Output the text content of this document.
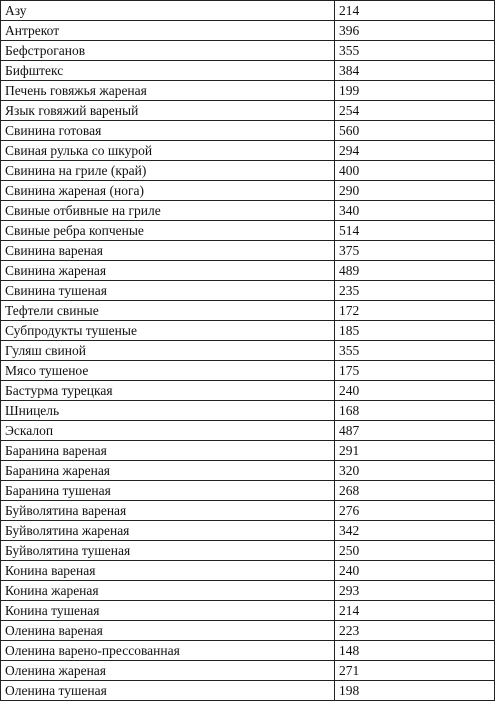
Азу	214
Антрекот	396
Бефстроганов	355
Бифштекс	384
Печень говяжья жареная	199
Язык говяжий вареный	254
Свинина готовая	560
Свиная рулька со шкурой	294
Свинина на гриле (край)	400
Свинина жареная (нога)	290
Свиные отбивные на гриле	340
Свиные ребра копченые	514
Свинина вареная	375
Свинина жареная	489
Свинина тушеная	235
Тефтели свиные	172
Субпродукты тушеные	185
Гуляш свиной	355
Мясо тушеное	175
Бастурма турецкая	240
Шницель	168
Эскалоп	487
Баранина вареная	291
Баранина жареная	320
Баранина тушеная	268
Буйволятина вареная	276
Буйволятина жареная	342
Буйволятина тушеная	250
Конина вареная	240
Конина жареная	293
Конина тушеная	214
Оленина вареная	223
Оленина варено-прессованная	148
Оленина жареная	271
Оленина тушеная	198
